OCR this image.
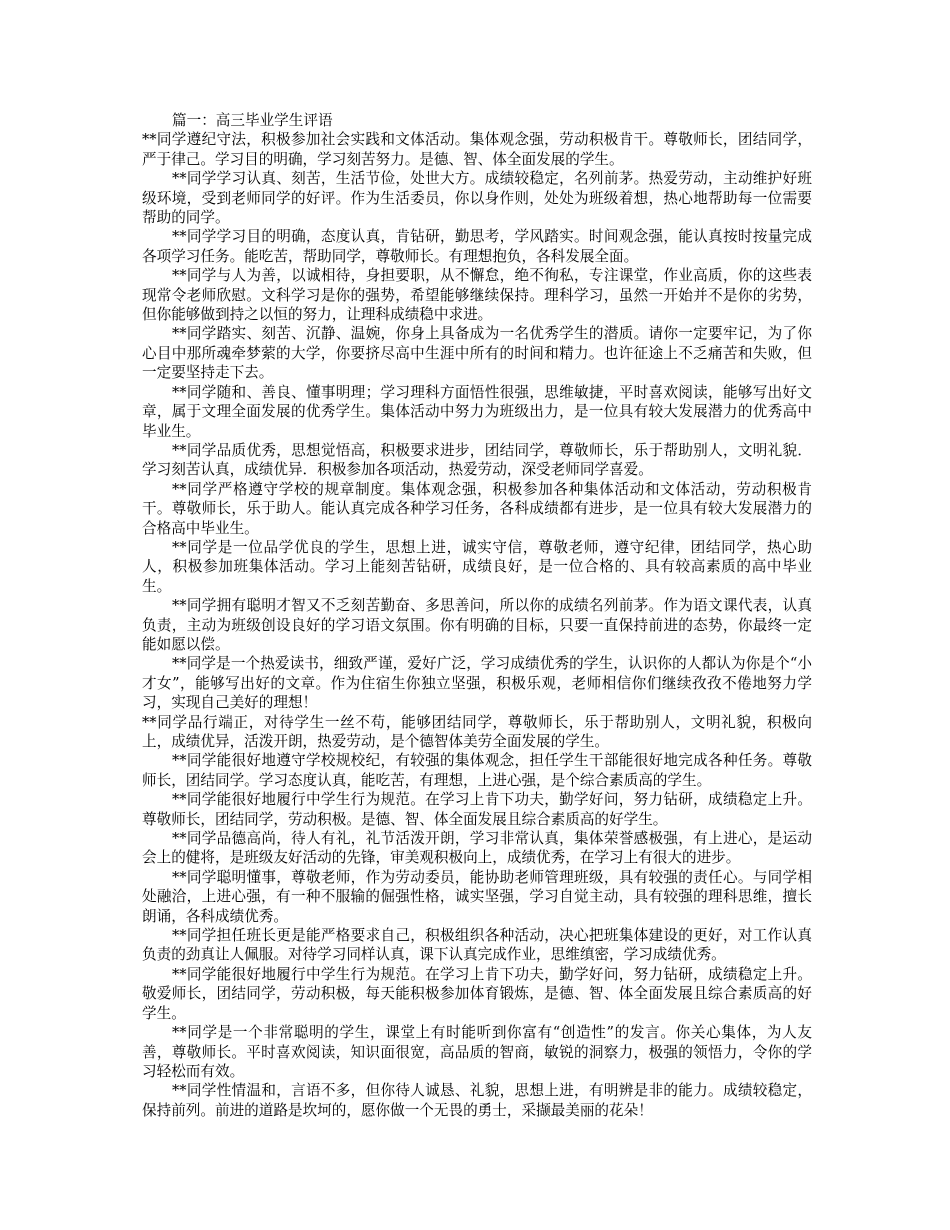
篇一：高三毕业学生评语

**同学遵纪守法，积极参加社会实践和文体活动。集体观念强，劳动积极肯干。尊敬师长，团结同学，严于律己。学习目的明确，学习刻苦努力。是德、智、体全面发展的学生。

**同学学习认真、刻苦，生活节俭，处世大方。成绩较稳定，名列前茅。热爱劳动，主动维护好班级环境，受到老师同学的好评。作为生活委员，你以身作则，处处为班级着想，热心地帮助每一位需要帮助的同学。

**同学学习目的明确，态度认真，肯钻研，勤思考，学风踏实。时间观念强，能认真按时按量完成各项学习任务。能吃苦，帮助同学，尊敬师长。有理想抱负，各科发展全面。

**同学与人为善，以诚相待，身担要职，从不懈怠，绝不徇私，专注课堂，作业高质，你的这些表现常令老师欣慰。文科学习是你的强势，希望能够继续保持。理科学习，虽然一开始并不是你的劣势，但你能够做到持之以恒的努力，让理科成绩稳中求进。

**同学踏实、刻苦、沉静、温婉，你身上具备成为一名优秀学生的潜质。请你一定要牢记，为了你心目中那所魂牵梦萦的大学，你要挤尽高中生涯中所有的时间和精力。也许征途上不乏痛苦和失败，但一定要坚持走下去。

**同学随和、善良、懂事明理；学习理科方面悟性很强，思维敏捷，平时喜欢阅读，能够写出好文章，属于文理全面发展的优秀学生。集体活动中努力为班级出力，是一位具有较大发展潜力的优秀高中毕业生。

**同学品质优秀，思想觉悟高，积极要求进步，团结同学，尊敬师长，乐于帮助别人，文明礼貌．学习刻苦认真，成绩优异．积极参加各项活动，热爱劳动，深受老师同学喜爱。

**同学严格遵守学校的规章制度。集体观念强，积极参加各种集体活动和文体活动，劳动积极肯干。尊敬师长，乐于助人。能认真完成各种学习任务，各科成绩都有进步，是一位具有较大发展潜力的合格高中毕业生。

**同学是一位品学优良的学生，思想上进，诚实守信，尊敬老师，遵守纪律，团结同学，热心助人，积极参加班集体活动。学习上能刻苦钻研，成绩良好，是一位合格的、具有较高素质的高中毕业生。

**同学拥有聪明才智又不乏刻苦勤奋、多思善问，所以你的成绩名列前茅。作为语文课代表，认真负责，主动为班级创设良好的学习语文氛围。你有明确的目标，只要一直保持前进的态势，你最终一定能如愿以偿。

**同学是一个热爱读书，细致严谨，爱好广泛，学习成绩优秀的学生，认识你的人都认为你是个“小才女”，能够写出好的文章。作为住宿生你独立坚强，积极乐观，老师相信你们继续孜孜不倦地努力学习，实现自己美好的理想！

**同学品行端正，对待学生一丝不苟，能够团结同学，尊敬师长，乐于帮助别人，文明礼貌，积极向上，成绩优异，活泼开朗，热爱劳动，是个德智体美劳全面发展的学生。

**同学能很好地遵守学校规校纪，有较强的集体观念，担任学生干部能很好地完成各种任务。尊敬师长，团结同学。学习态度认真，能吃苦，有理想，上进心强，是个综合素质高的学生。

**同学能很好地履行中学生行为规范。在学习上肯下功夫，勤学好问，努力钻研，成绩稳定上升。尊敬师长，团结同学，劳动积极。是德、智、体全面发展且综合素质高的好学生。

**同学品德高尚，待人有礼，礼节活泼开朗，学习非常认真，集体荣誉感极强，有上进心，是运动会上的健将，是班级友好活动的先锋，审美观积极向上，成绩优秀，在学习上有很大的进步。

**同学聪明懂事，尊敬老师，作为劳动委员，能协助老师管理班级，具有较强的责任心。与同学相处融洽，上进心强，有一种不服输的倔强性格，诚实坚强，学习自觉主动，具有较强的理科思维，擅长朗诵，各科成绩优秀。

**同学担任班长更是能严格要求自己，积极组织各种活动，决心把班集体建设的更好，对工作认真负责的劲真让人佩服。对待学习同样认真，课下认真完成作业，思维缜密，学习成绩优秀。

**同学能很好地履行中学生行为规范。在学习上肯下功夫，勤学好问，努力钻研，成绩稳定上升。敬爱师长，团结同学，劳动积极，每天能积极参加体育锻炼，是德、智、体全面发展且综合素质高的好学生。

**同学是一个非常聪明的学生，课堂上有时能听到你富有“创造性”的发言。你关心集体，为人友善，尊敬师长。平时喜欢阅读，知识面很宽，高品质的智商，敏锐的洞察力，极强的领悟力，令你的学习轻松而有效。

**同学性情温和，言语不多，但你待人诚恳、礼貌，思想上进，有明辨是非的能力。成绩较稳定，保持前列。前进的道路是坎坷的，愿你做一个无畏的勇士，采撷最美丽的花朵！
